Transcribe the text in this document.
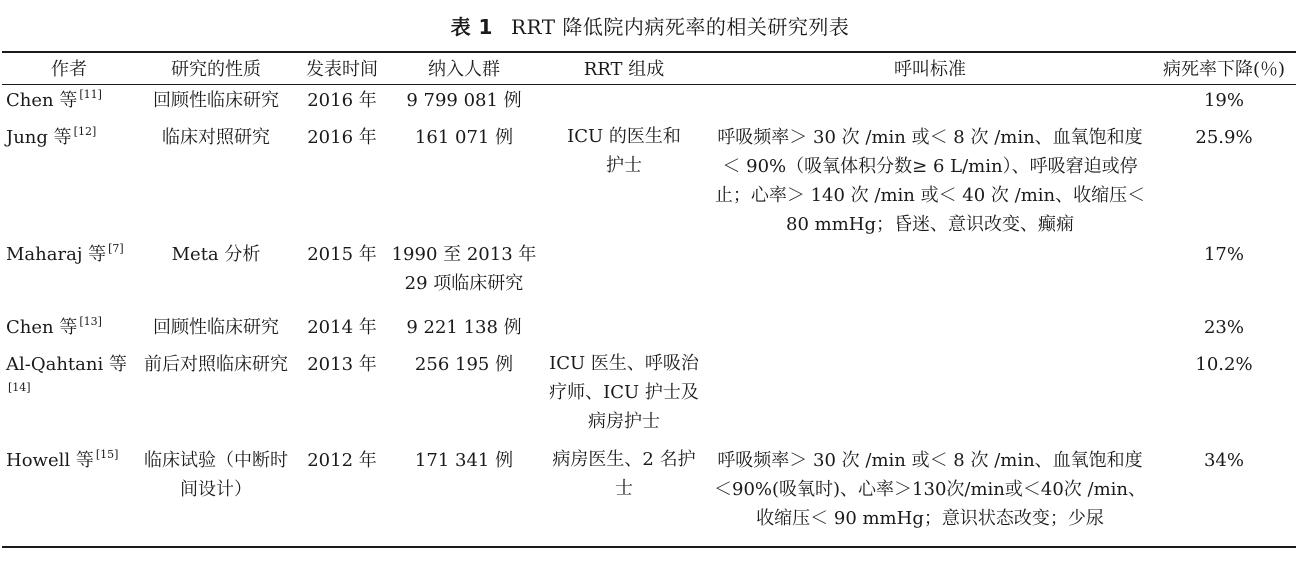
表 1 RRT 降低院内病死率的相关研究列表
作者	研究的性质	发表时间	纳入人群	RRT 组成	呼叫标准	病死率下降(％)
Chen 等 [11]	回顾性临床研究	2016 年	9 799 081 例			19%
Jung 等 [12]	临床对照研究	2016 年	161 071 例	ICU 的医生和护士	呼吸频率＞ 30 次 /min 或＜ 8 次 /min、血氧饱和度＜ 90%（吸氧体积分数≥ 6 L/min）、呼吸窘迫或停止；心率＞ 140 次 /min 或＜ 40 次 /min、收缩压＜ 80 mmHg；昏迷、意识改变、癫痫	25.9%
Maharaj 等 [7]	Meta 分析	2015 年	1990 至 2013 年 29 项临床研究			17%
Chen 等 [13]	回顾性临床研究	2014 年	9 221 138 例			23%
Al-Qahtani 等[14]	前后对照临床研究	2013 年	256 195 例	ICU 医生、呼吸治疗师、ICU 护士及病房护士		10.2%
Howell 等 [15]	临床试验（中断时间设计）	2012 年	171 341 例	病房医生、2 名护士	呼吸频率＞ 30 次 /min 或＜ 8 次 /min、血氧饱和度＜90%(吸氧时)、心率＞130次/min或＜40次 /min、收缩压＜ 90 mmHg；意识状态改变；少尿	34%
